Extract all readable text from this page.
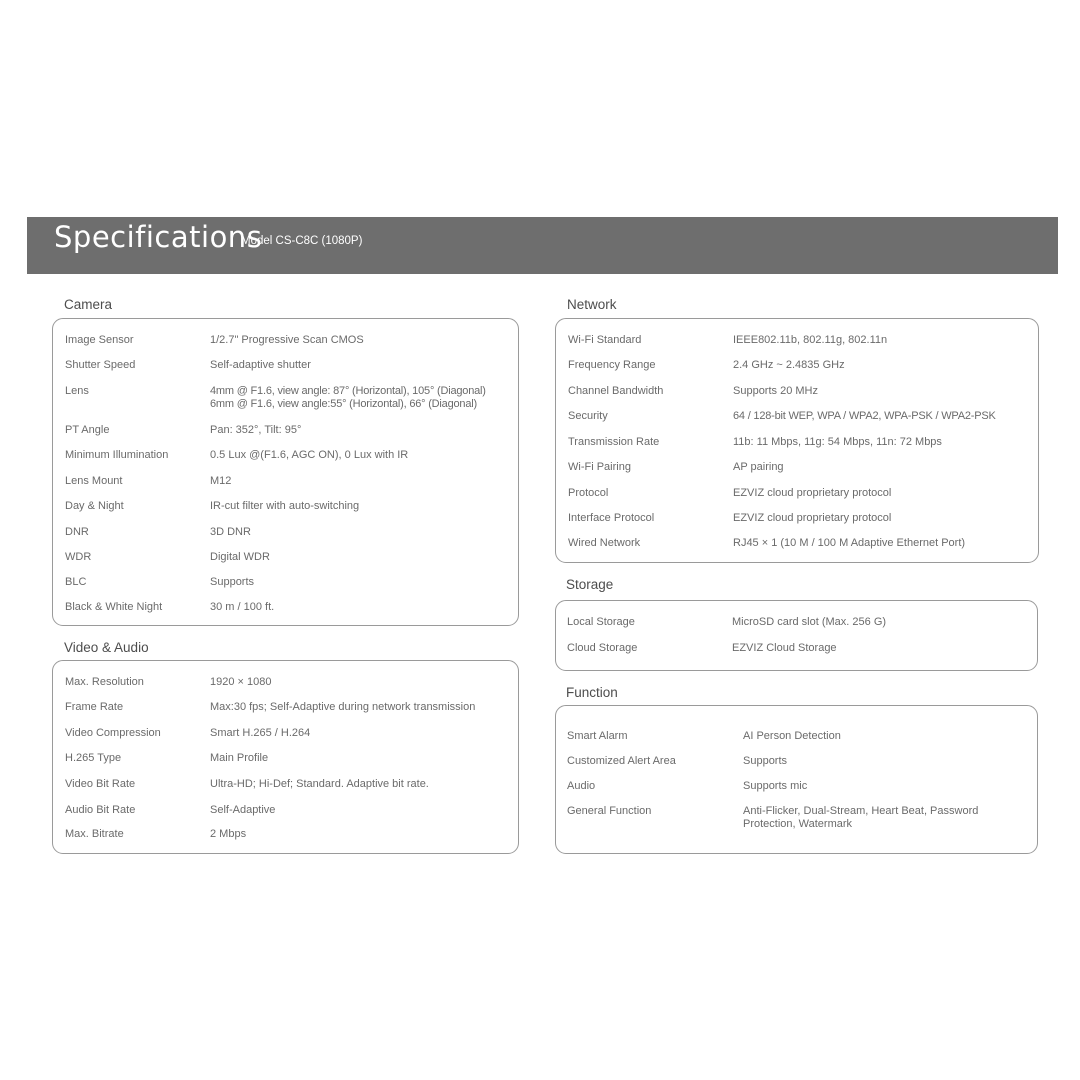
Specifications
Model CS-C8C (1080P)
Camera
Image Sensor	1/2.7" Progressive Scan CMOS
Shutter Speed	Self-adaptive shutter
Lens	4mm @ F1.6, view angle: 87° (Horizontal), 105° (Diagonal)
6mm @ F1.6, view angle:55° (Horizontal), 66° (Diagonal)
PT Angle	Pan: 352°, Tilt: 95°
Minimum Illumination	0.5 Lux @(F1.6, AGC ON), 0 Lux with IR
Lens Mount	M12
Day & Night	IR-cut filter with auto-switching
DNR	3D DNR
WDR	Digital WDR
BLC	Supports
Black & White Night	30 m / 100 ft.
Video & Audio
Max. Resolution	1920 × 1080
Frame Rate	Max:30 fps; Self-Adaptive during network transmission
Video Compression	Smart H.265 / H.264
H.265 Type	Main Profile
Video Bit Rate	Ultra-HD; Hi-Def; Standard. Adaptive bit rate.
Audio Bit Rate	Self-Adaptive
Max. Bitrate	2 Mbps
Network
Wi-Fi Standard	IEEE802.11b, 802.11g, 802.11n
Frequency Range	2.4 GHz ~ 2.4835 GHz
Channel Bandwidth	Supports 20 MHz
Security	64 / 128-bit WEP, WPA / WPA2, WPA-PSK / WPA2-PSK
Transmission Rate	11b: 11 Mbps, 11g: 54 Mbps, 11n: 72 Mbps
Wi-Fi Pairing	AP pairing
Protocol	EZVIZ cloud proprietary protocol
Interface Protocol	EZVIZ cloud proprietary protocol
Wired Network	RJ45 × 1 (10 M / 100 M Adaptive Ethernet Port)
Storage
Local Storage	MicroSD card slot (Max. 256 G)
Cloud Storage	EZVIZ Cloud Storage
Function
Smart Alarm	AI Person Detection
Customized Alert Area	Supports
Audio	Supports mic
General Function	Anti-Flicker, Dual-Stream, Heart Beat, Password
Protection, Watermark
